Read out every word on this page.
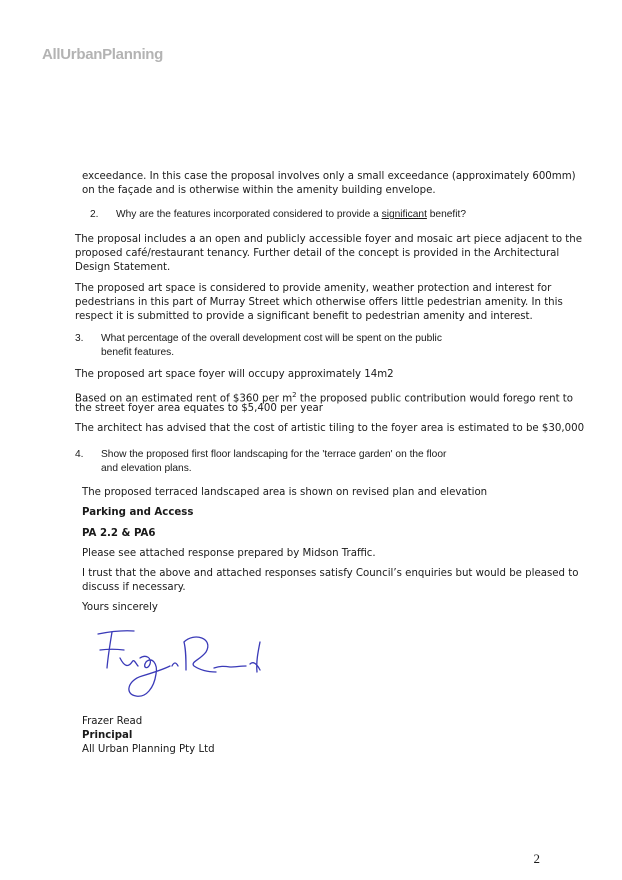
AllUrbanPlanning

exceedance. In this case the proposal involves only a small exceedance (approximately 600mm)

on the façade and is otherwise within the amenity building envelope.

2. Why are the features incorporated considered to provide a significant benefit?

The proposal includes a an open and publicly accessible foyer and mosaic art piece adjacent to the

proposed café/restaurant tenancy. Further detail of the concept is provided in the Architectural

Design Statement.

The proposed art space is considered to provide amenity, weather protection and interest for

pedestrians in this part of Murray Street which otherwise offers little pedestrian amenity. In this

respect it is submitted to provide a significant benefit to pedestrian amenity and interest.

3. What percentage of the overall development cost will be spent on the public
benefit features.

The proposed art space foyer will occupy approximately 14m2

Based on an estimated rent of $360 per $m^2$ the proposed public contribution would forego rent to

the street foyer area equates to $5,400 per year

The architect has advised that the cost of artistic tiling to the foyer area is estimated to be $30,000

4. Show the proposed first floor landscaping for the 'terrace garden' on the floor
and elevation plans.

The proposed terraced landscaped area is shown on revised plan and elevation

Parking and Access

PA 2.2 & PA6

Please see attached response prepared by Midson Traffic.

I trust that the above and attached responses satisfy Council’s enquiries but would be pleased to

discuss if necessary.

Yours sincerely

Frazer Read

Principal

All Urban Planning Pty Ltd

2
